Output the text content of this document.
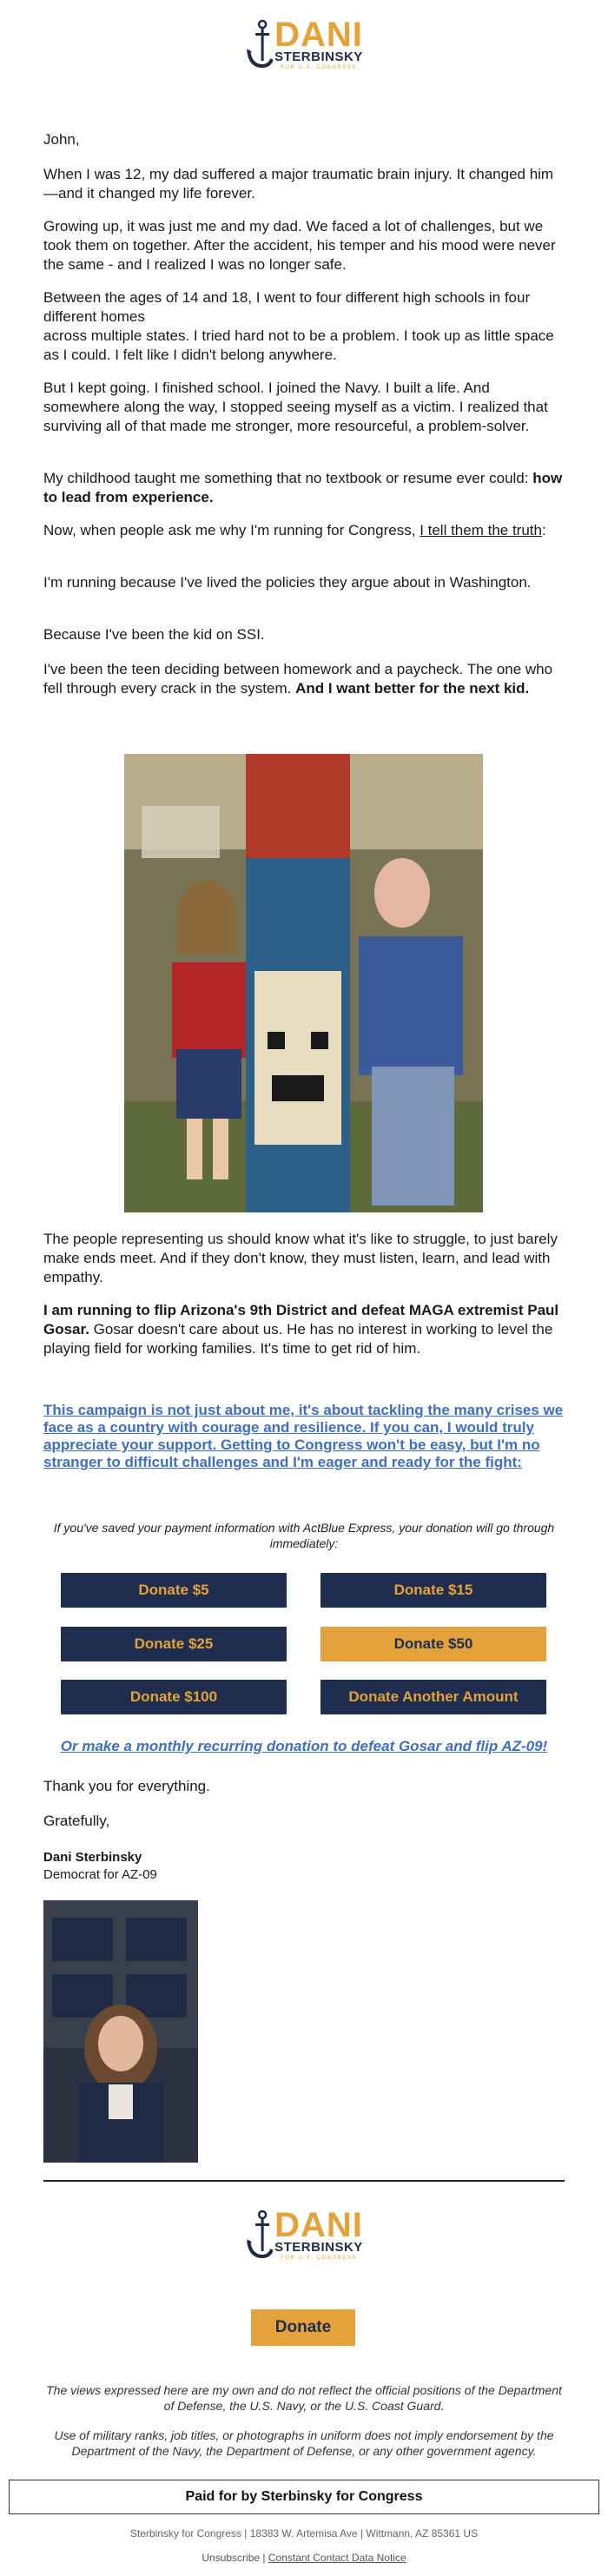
DANI
STERBINSKY
FOR U.S. CONGRESS

John,

When I was 12, my dad suffered a major traumatic brain injury. It changed him—and it changed my life forever.

Growing up, it was just me and my dad. We faced a lot of challenges, but we took them on together. After the accident, his temper and his mood were never the same - and I realized I was no longer safe.

Between the ages of 14 and 18, I went to four different high schools in four different homes

across multiple states. I tried hard not to be a problem. I took up as little space as I could. I felt like I didn't belong anywhere.

But I kept going. I finished school. I joined the Navy. I built a life. And somewhere along the way, I stopped seeing myself as a victim. I realized that surviving all of that made me stronger, more resourceful, a problem-solver.

My childhood taught me something that no textbook or resume ever could: how to lead from experience.

Now, when people ask me why I'm running for Congress, I tell them the truth:

I'm running because I've lived the policies they argue about in Washington.

Because I've been the kid on SSI.

I've been the teen deciding between homework and a paycheck. The one who fell through every crack in the system. And I want better for the next kid.

The people representing us should know what it's like to struggle, to just barely make ends meet. And if they don't know, they must listen, learn, and lead with empathy.

I am running to flip Arizona's 9th District and defeat MAGA extremist Paul Gosar. Gosar doesn't care about us. He has no interest in working to level the playing field for working families. It's time to get rid of him.

This campaign is not just about me, it's about tackling the many crises we face as a country with courage and resilience. If you can, I would truly appreciate your support. Getting to Congress won't be easy, but I'm no stranger to difficult challenges and I'm eager and ready for the fight:

If you've saved your payment information with ActBlue Express, your donation will go through immediately:

Donate $5	Donate $15
Donate $25	Donate $50
Donate $100	Donate Another Amount
Or make a monthly recurring donation to defeat Gosar and flip AZ-09!

Thank you for everything.

Gratefully,

Dani Sterbinsky

Democrat for AZ-09

DANI
STERBINSKY
FOR U.S. CONGRESS
Donate

The views expressed here are my own and do not reflect the official positions of the Department of Defense, the U.S. Navy, or the U.S. Coast Guard.

Use of military ranks, job titles, or photographs in uniform does not imply endorsement by the Department of the Navy, the Department of Defense, or any other government agency.

Paid for by Sterbinsky for Congress
Sterbinsky for Congress | 18383 W. Artemisa Ave | Wittmann, AZ 85361 US
Unsubscribe | Constant Contact Data Notice
